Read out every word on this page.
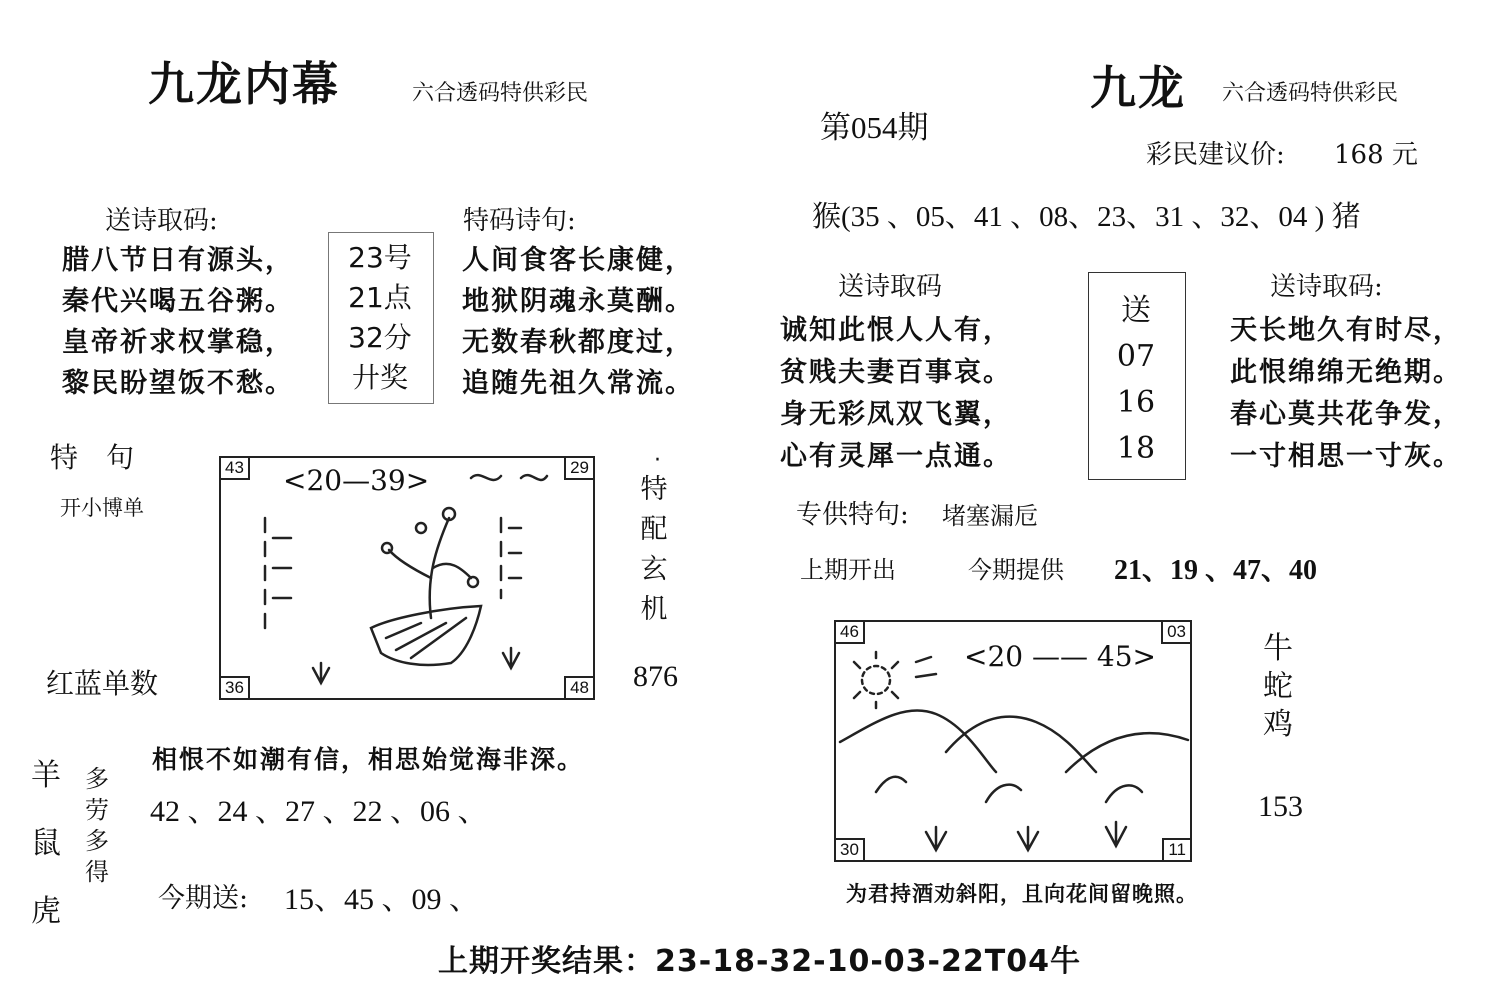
九龙内幕	六合透码特供彩民
送诗取码:
腊八节日有源头，
秦代兴喝五谷粥。
皇帝祈求权掌稳，
黎民盼望饭不愁。
23号
21点
32分
廾奖
特码诗句:
人间食客长康健，
地狱阴魂永莫酬。
无数春秋都度过，
追随先祖久常流。
特　句
开小博单
43	29
36	48
<20—39>
·
特
配
玄
机
红蓝单数	876
羊
鼠
虎
多
劳
多
得
相恨不如潮有信，相思始觉海非深。
42 、24 、27 、22 、06 、
今期送: 15、45 、09 、
第054期
九龙 六合透码特供彩民
彩民建议价: 168 元
猴(35 、05、41 、08、23、31 、32、04 ) 猪
送诗取码
诚知此恨人人有，
贫贱夫妻百事哀。
身无彩凤双飞翼，
心有灵犀一点通。
送
07
16
18
送诗取码:
天长地久有时尽，
此恨绵绵无绝期。
春心莫共花争发，
一寸相思一寸灰。
专供特句: 堵塞漏卮
上期开出	今期提供 21、19 、47、40
46	03
30	11
<20 —— 45>	牛
蛇
鸡
153
为君持酒劝斜阳，且向花间留晚照。
上期开奖结果：23-18-32-10-03-22T04牛
